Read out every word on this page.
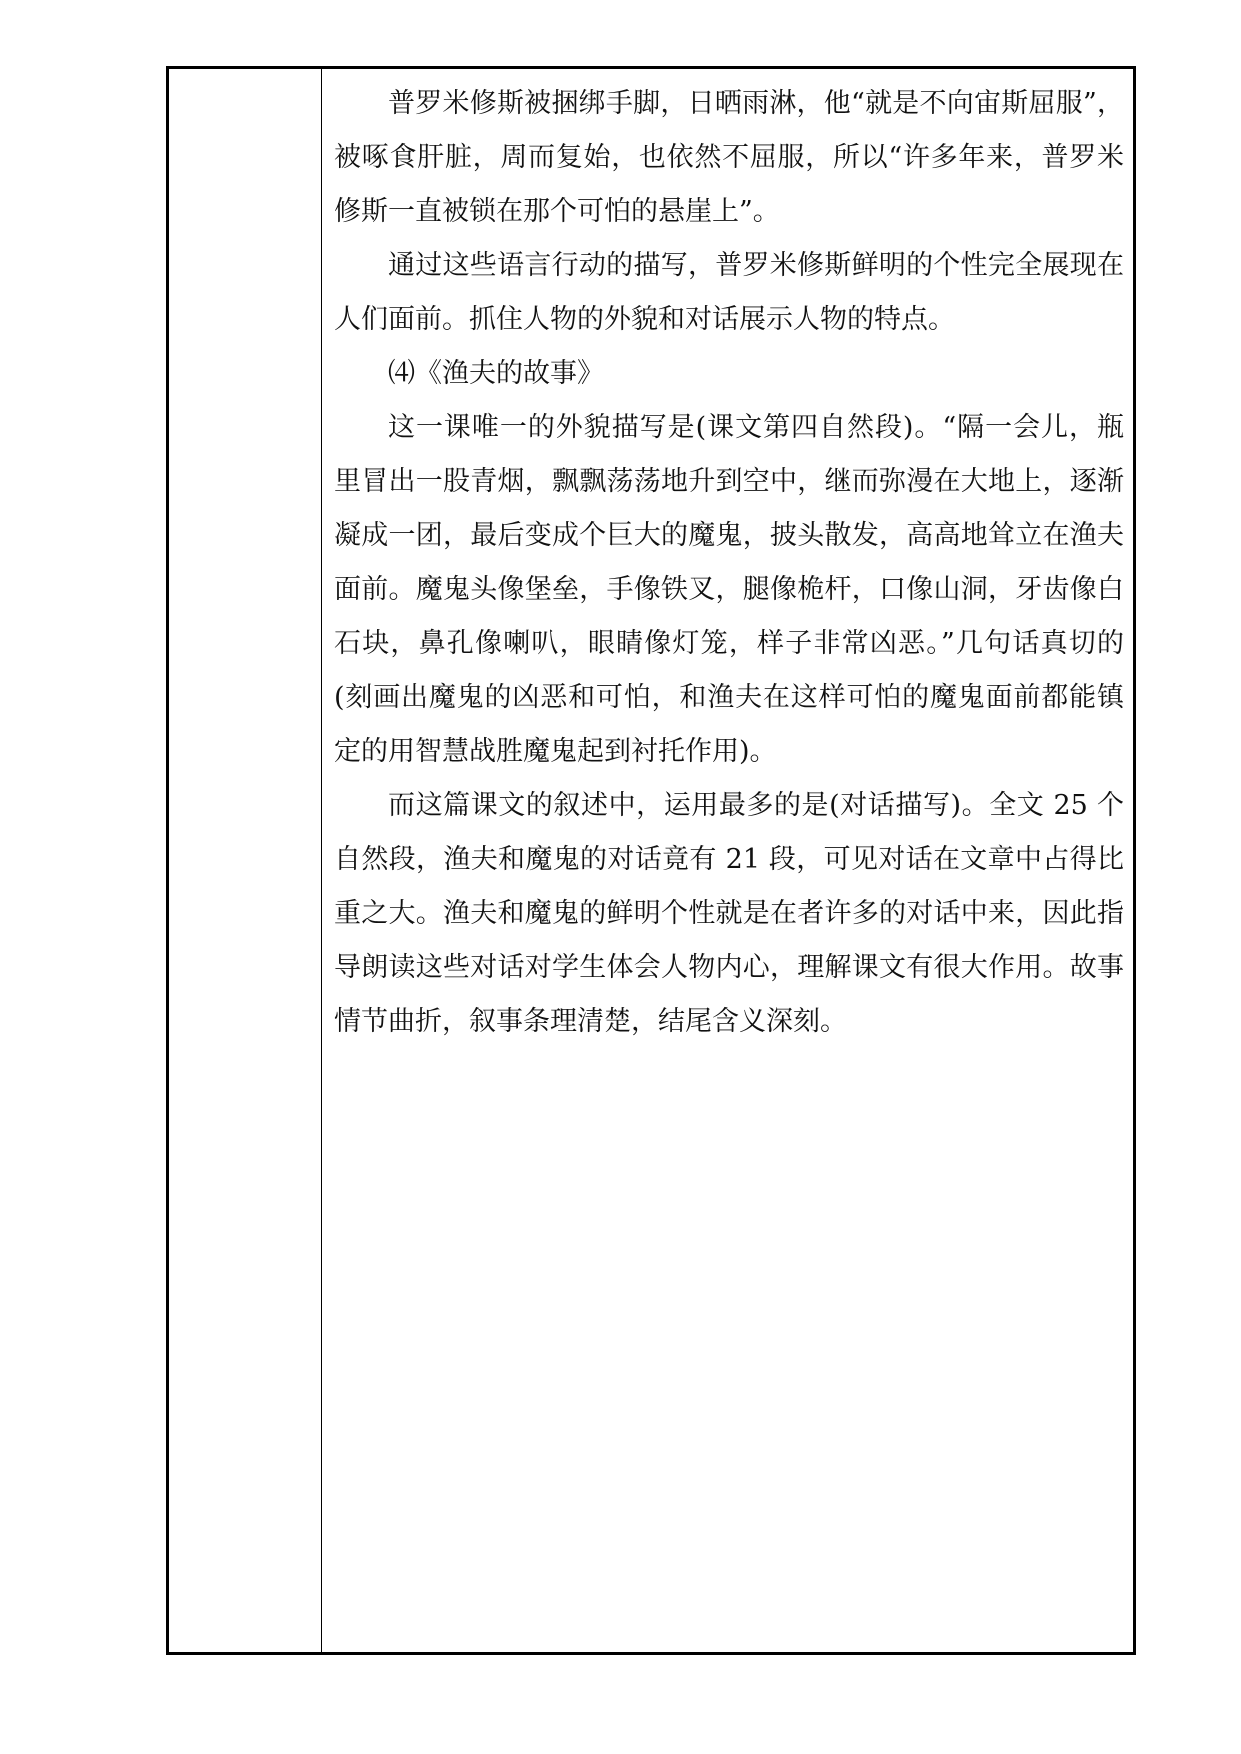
普罗米修斯被捆绑手脚，日晒雨淋，他“就是不向宙斯屈服”，被啄食肝脏，周而复始，也依然不屈服，所以“许多年来，普罗米修斯一直被锁在那个可怕的悬崖上”。

通过这些语言行动的描写，普罗米修斯鲜明的个性完全展现在人们面前。抓住人物的外貌和对话展示人物的特点。

⑷《渔夫的故事》

这一课唯一的外貌描写是(课文第四自然段)。“隔一会儿，瓶里冒出一股青烟，飘飘荡荡地升到空中，继而弥漫在大地上，逐渐凝成一团，最后变成个巨大的魔鬼，披头散发，高高地耸立在渔夫面前。魔鬼头像堡垒，手像铁叉，腿像桅杆，口像山洞，牙齿像白石块，鼻孔像喇叭，眼睛像灯笼，样子非常凶恶。”几句话真切的(刻画出魔鬼的凶恶和可怕，和渔夫在这样可怕的魔鬼面前都能镇定的用智慧战胜魔鬼起到衬托作用)。

而这篇课文的叙述中，运用最多的是(对话描写)。全文 25 个自然段，渔夫和魔鬼的对话竟有 21 段，可见对话在文章中占得比重之大。渔夫和魔鬼的鲜明个性就是在者许多的对话中来，因此指导朗读这些对话对学生体会人物内心，理解课文有很大作用。故事情节曲折，叙事条理清楚，结尾含义深刻。
